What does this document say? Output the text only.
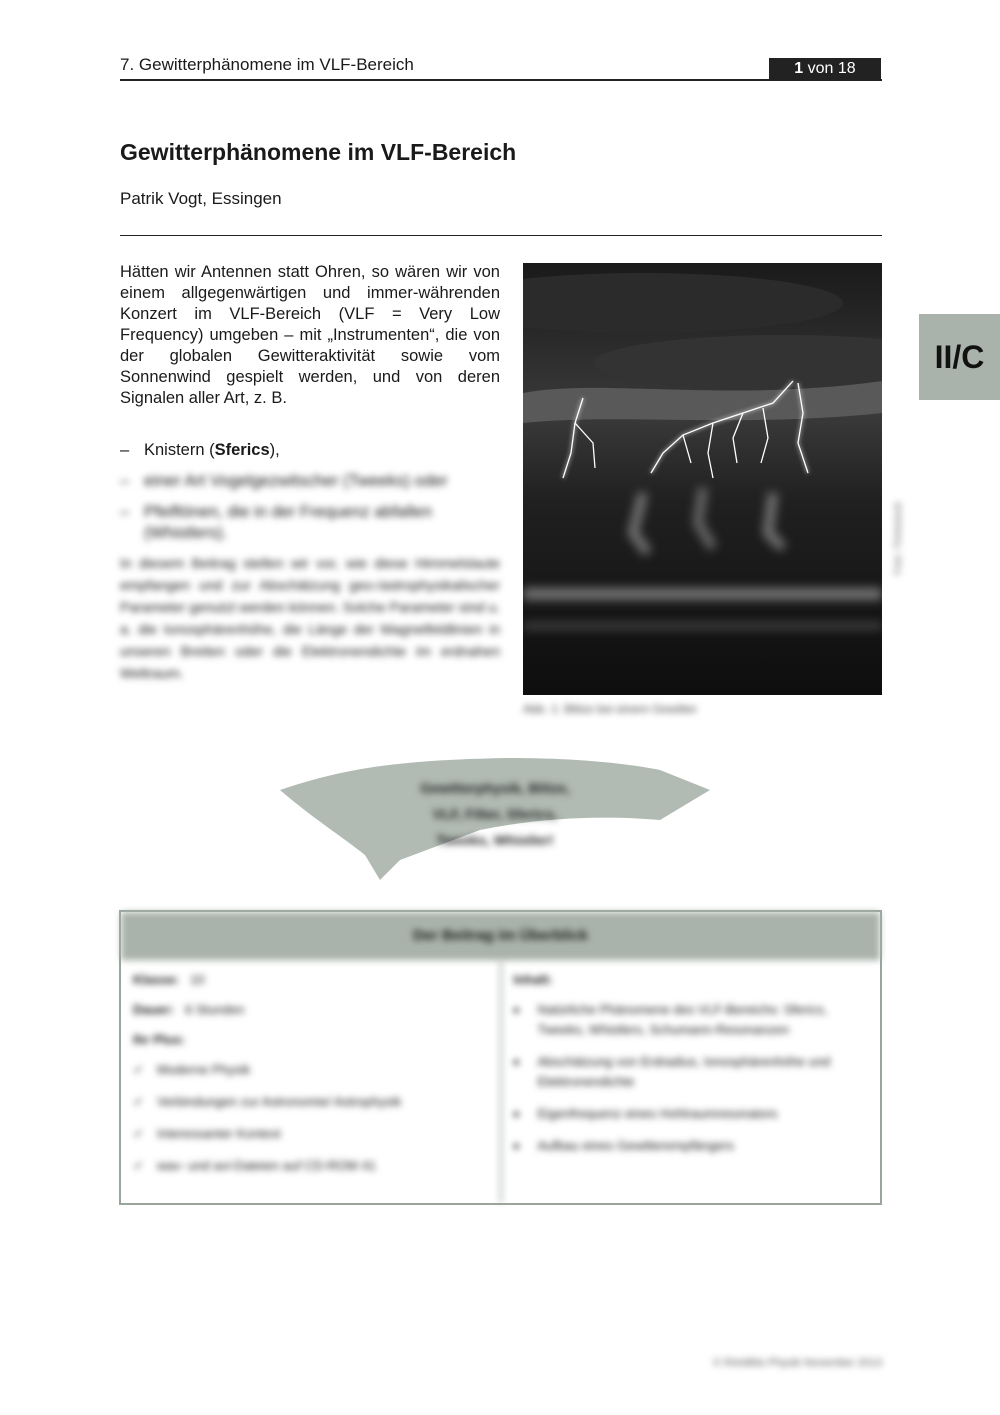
7. Gewitterphänomene im VLF-Bereich	1 von 18
II/C
Gewitterphänomene im VLF-Bereich
Patrik Vogt, Essingen

Hätten wir Antennen statt Ohren, so wären wir von einem allgegenwärtigen und immer-währenden Konzert im VLF-Bereich (VLF = Very Low Frequency) umgeben – mit „Instrumenten“, die von der globalen Gewitteraktivität sowie vom Sonnenwind gespielt werden, und von deren Signalen aller Art, z. B.

– Knistern (Sferics),
– einer Art Vogelgezwitscher (Tweeks) oder
– Pfeiftönen, die in der Frequenz abfallen (Whistlers).

In diesem Beitrag stellen wir vor, wie diese Himmelslaute empfangen und zur Abschätzung geo-/astrophysikalischer Parameter genutzt werden können. Solche Parameter sind u. a. die Ionosphärenhöhe, die Länge der Magnetfeldlinien in unseren Breiten oder die Elektronendichte im erdnahen Weltraum.

Foto: Thinkstock
Abb. 1: Blitze bei einem Gewitter
Gewitterphysik, Blitze,
VLF, Filter, Sferics,
Tweeks, Whistler!
Der Beitrag im Überblick

Klasse: 10

Dauer: 6 Stunden

Ihr Plus:

✓ Moderne Physik
✓ Verbindungen zur Astronomie/ Astrophysik
✓ Interessanter Kontext
✓ wav- und avi-Dateien auf CD-ROM 41

Inhalt:

■ Natürliche Phänomene des VLF-Bereichs: Sferics, Tweeks, Whistlers, Schumann-Resonanzen
■ Abschätzung von Erdradius, Ionosphärenhöhe und Elektronendichte
■ Eigenfrequenz eines Hohlraumresonators
■ Aufbau eines Gewitterempfängers
© RAABits Physik November 2013
